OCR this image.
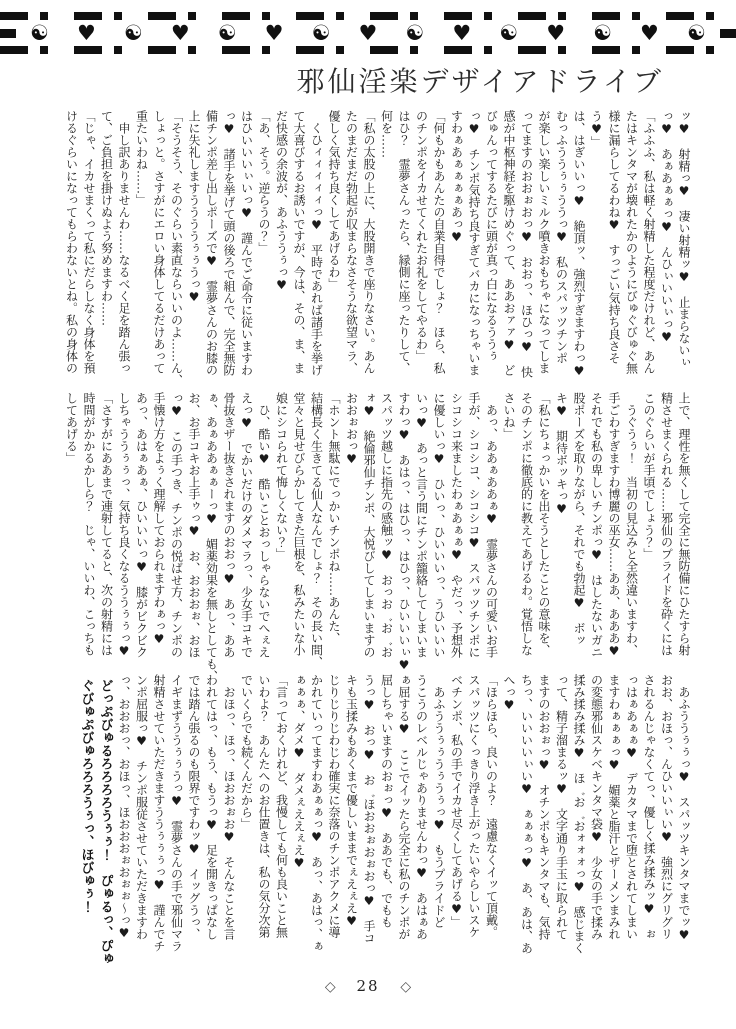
☯ ♥ ☯ ♥ ☯ ♥ ☯ ♥ ☯ ♥ ☯ ♥ ☯ ♥ ☯
邪仙淫楽デザイアドライブ

ッ♥　射精っ♥　凄い射精ッ♥　止まらないぃ

っ♥　あぁあぁぁっ♥　んひぃいいぃっ♥

「ふふふ、私は軽く射精した程度だけれど、あん

たはキンタマが壊れたかのようにびゅぐびゅぐ無

様に漏らしてるわね♥　すっごい気持ち良さそ

う♥」

は、はぎいいっ♥　絶頂ッ、強烈すぎますわっ♥

むっふううぅぅううっ♥　私のスパッツチンポ

が楽しい楽しいミルク噴きおもちゃになってしま

ってますのおおぉおっ♥　おおっ、ほひっ♥　快

感が中枢神経を駆けめぐって、ああおァァ♥　ど

びゅんってするたびに頭が真っ白になるううぅ

っ♥　チンポ気持ち良すぎてバカになっちゃいま

すわぁあぁぁぁぁあっ♥

「何もかもあんたの自業自得でしょ？　ほら、私

のチンポをイカせてくれたお礼をしてやるわ」

はひ？　霊夢さんったら、縁側に座ったりして、

何を……

「私の太股の上に、大股開きで座りなさい。あん

たのまだまだ勃起が収まらなさそうな欲望マラ、

優しく気持ち良くしてあげるわ」

　くひィィィィィっ♥　平時であれば諸手を挙げ

て大喜びするお誘いですが、今は、その、ま、ま

だ快感の余波が、あふううぅっ♥

「あ、そう。逆らうの？」

はひいいいぃいっ♥　謹んでご命令に従いますわ

っ♥　諸手を挙げて頭の後ろで組んで、完全無防

備チンポ差し出しポーズで♥　霊夢さんのお膝の

上に失礼しますううううぅぅうっ♥

「そうそう、そのぐらい素直ならいいのよ……ん、

しょっと。さすがにエロい身体してるだけあって

重たいわね……」

　申し訳ありませんわ……なるべく足を踏ん張っ

て、ご負担を掛けぬよう努めますわ……

「じゃ、イカせまくって私にだらしなく身体を預

けるぐらいになってもらわないとね。私の身体の

上で、理性を無くして完全に無防備にひたすら射

精させまくられる……邪仙のプライドを砕くには

このぐらいが手頃でしょう？」

　うぐうぅ！　当初の見込みと全然違いますわ、

手ごわすぎますわ博麗の巫女……ああ、あああ♥

それでも私の卑しいチンポっ♥　はしたないガニ

股ポーズを取りながら、それでも勃起♥　ボッ

キ♥　期待ボッキっ♥

「私にちょっかいを出そうとしたことの意味を、

そのチンポに徹底的に教えてあげるわ。覚悟しな

さいね」

　あっ、ああぁああぁ♥　霊夢さんの可愛いお手

手が、シコシコ、シコシコ♥　スパッツチンポに

シコシコ来ましたわぁあぁぁ♥　やだっ、予想外

に優しいっ♥　ひいっ、ひいいいっ、うひいいい

いっ♥　あっと言う間にチンポ籠絡してしまいま

すわっ♥　あはっ、はひっ、はひっ、ひいいいぃ♥

スパッツ越しに指先の感触ッ♥　おっお゛お゛お

ォ♥　絶倫邪仙チンポ、大悦びしてしまいますの

おおぉおっ♥

「ホント無駄にでっかいチンポね……あんた、

結構長く生きてる仙人なんでしょ？　その長い間、

堂々と見せびらかしてきた巨根を、私みたいな小

娘にシコられて悔しくない？」

　ひ、酷い♥　酷いことおっしゃらないでへぇえ

えっ♥　でかいだけのダメマラっ、少女手コキで

骨抜きザー抜きされますのおおっ♥　あっ、ああ

ぁ、あぁああぁぁーっ♥　媚薬効果を無しとしても、

お、お手コキお上手ゥっ♥　お、おおおぉ、おほ

っ♥　この手つき、チンポの悦ばせ方、チンポの

手懐け方をよぅく理解しておられますわぁっ♥

あっ、あはぁあぁ、ひいいいっ♥　膝がビクビク

しちゃううぅぅっ、気持ち良くなるううぅぅっ♥

「さすがにああまで連射してると、次の射精には

時間がかかるかしら？　じゃ、いいわ、こっちも

してあげる」

　あふううぅぅっ♥　スパッツキンタマまでッ♥

おお、おほっ、んひいいぃい♥　強烈にグリグリ

されるんじゃなくてっ、優しく揉み揉みッ♥　ぉ

っはぁあぁぁ♥　デカタマまで堕とされてしまい

ますわぁぁぁっ♥　媚薬と脂汗とザーメンまみれ

の変態邪仙スケベキンタマ袋♥　少女の手で揉み

揉み揉み揉み♥　ほ゛お゛おォォォっ♥　感じまく

って、精子溜まるッ♥　文字通り手玉に取られて

ますのおおぉっ♥　オチンポもキンタマも、気持

ちっ、いいいいぃい♥　ぁぁぁっ♥　あ、あは、あ

へっ♥

「ほらほら、良いのよ？　遠慮なくイッて頂戴。

スパッツにくっきり浮き上がったいやらしいスケ

ベチンポ、私の手でイカせ尽くしてあげる♥」

　あふううぅぅうぅうぅっ♥　もうプライドど

うこうのレベルじゃありませんわっ♥　あはぁあ

ぁ屈する♥　ここでイッたら完全に私のチンポが

屈しちゃいますのおぉっ♥　ああでも、でもも

うっ♥　おっ♥　お゛ほおおぉおぉおっ♥　手コ

キも玉揉みもあくまで優しいままでぇえぇえ♥

じりじりじわじわ確実に奈落のチンポアクメに導

かれていってますわあぁぁっ♥　あっ、あはっ、ぁ

ぁぁぁ、ダメ♥　ダメぇええぇえ♥

「言っておくけれど、我慢しても何も良いこと無

いわよ？　あんたへのお仕置きは、私の気分次第

でいくらでも続くんだから」

　おほっ、ほっ、ほおおぉお♥　そんなことを言

われてはっ、もう、もうっ♥　足を開きっぱなし

では踏ん張るのも限界ですわッ♥　イッグうっ、

イギまずううぅぅうっ♥　霊夢さんの手で邪仙マラ

射精させていただきますううぅぅぅっ♥　謹んでチ

ンポ屈服っ♥　チンポ服従させていただきますわ

っ、おおおっ、おほっ、ほおおおぉおぉぉ～っ♥

どっぷびゅるろろろろうぅぅ！　ぴゅるっ、ぴゅ

ぐびゅぷびゅろろろうぅっ、ほびゅぅ！

◇ 28 ◇
